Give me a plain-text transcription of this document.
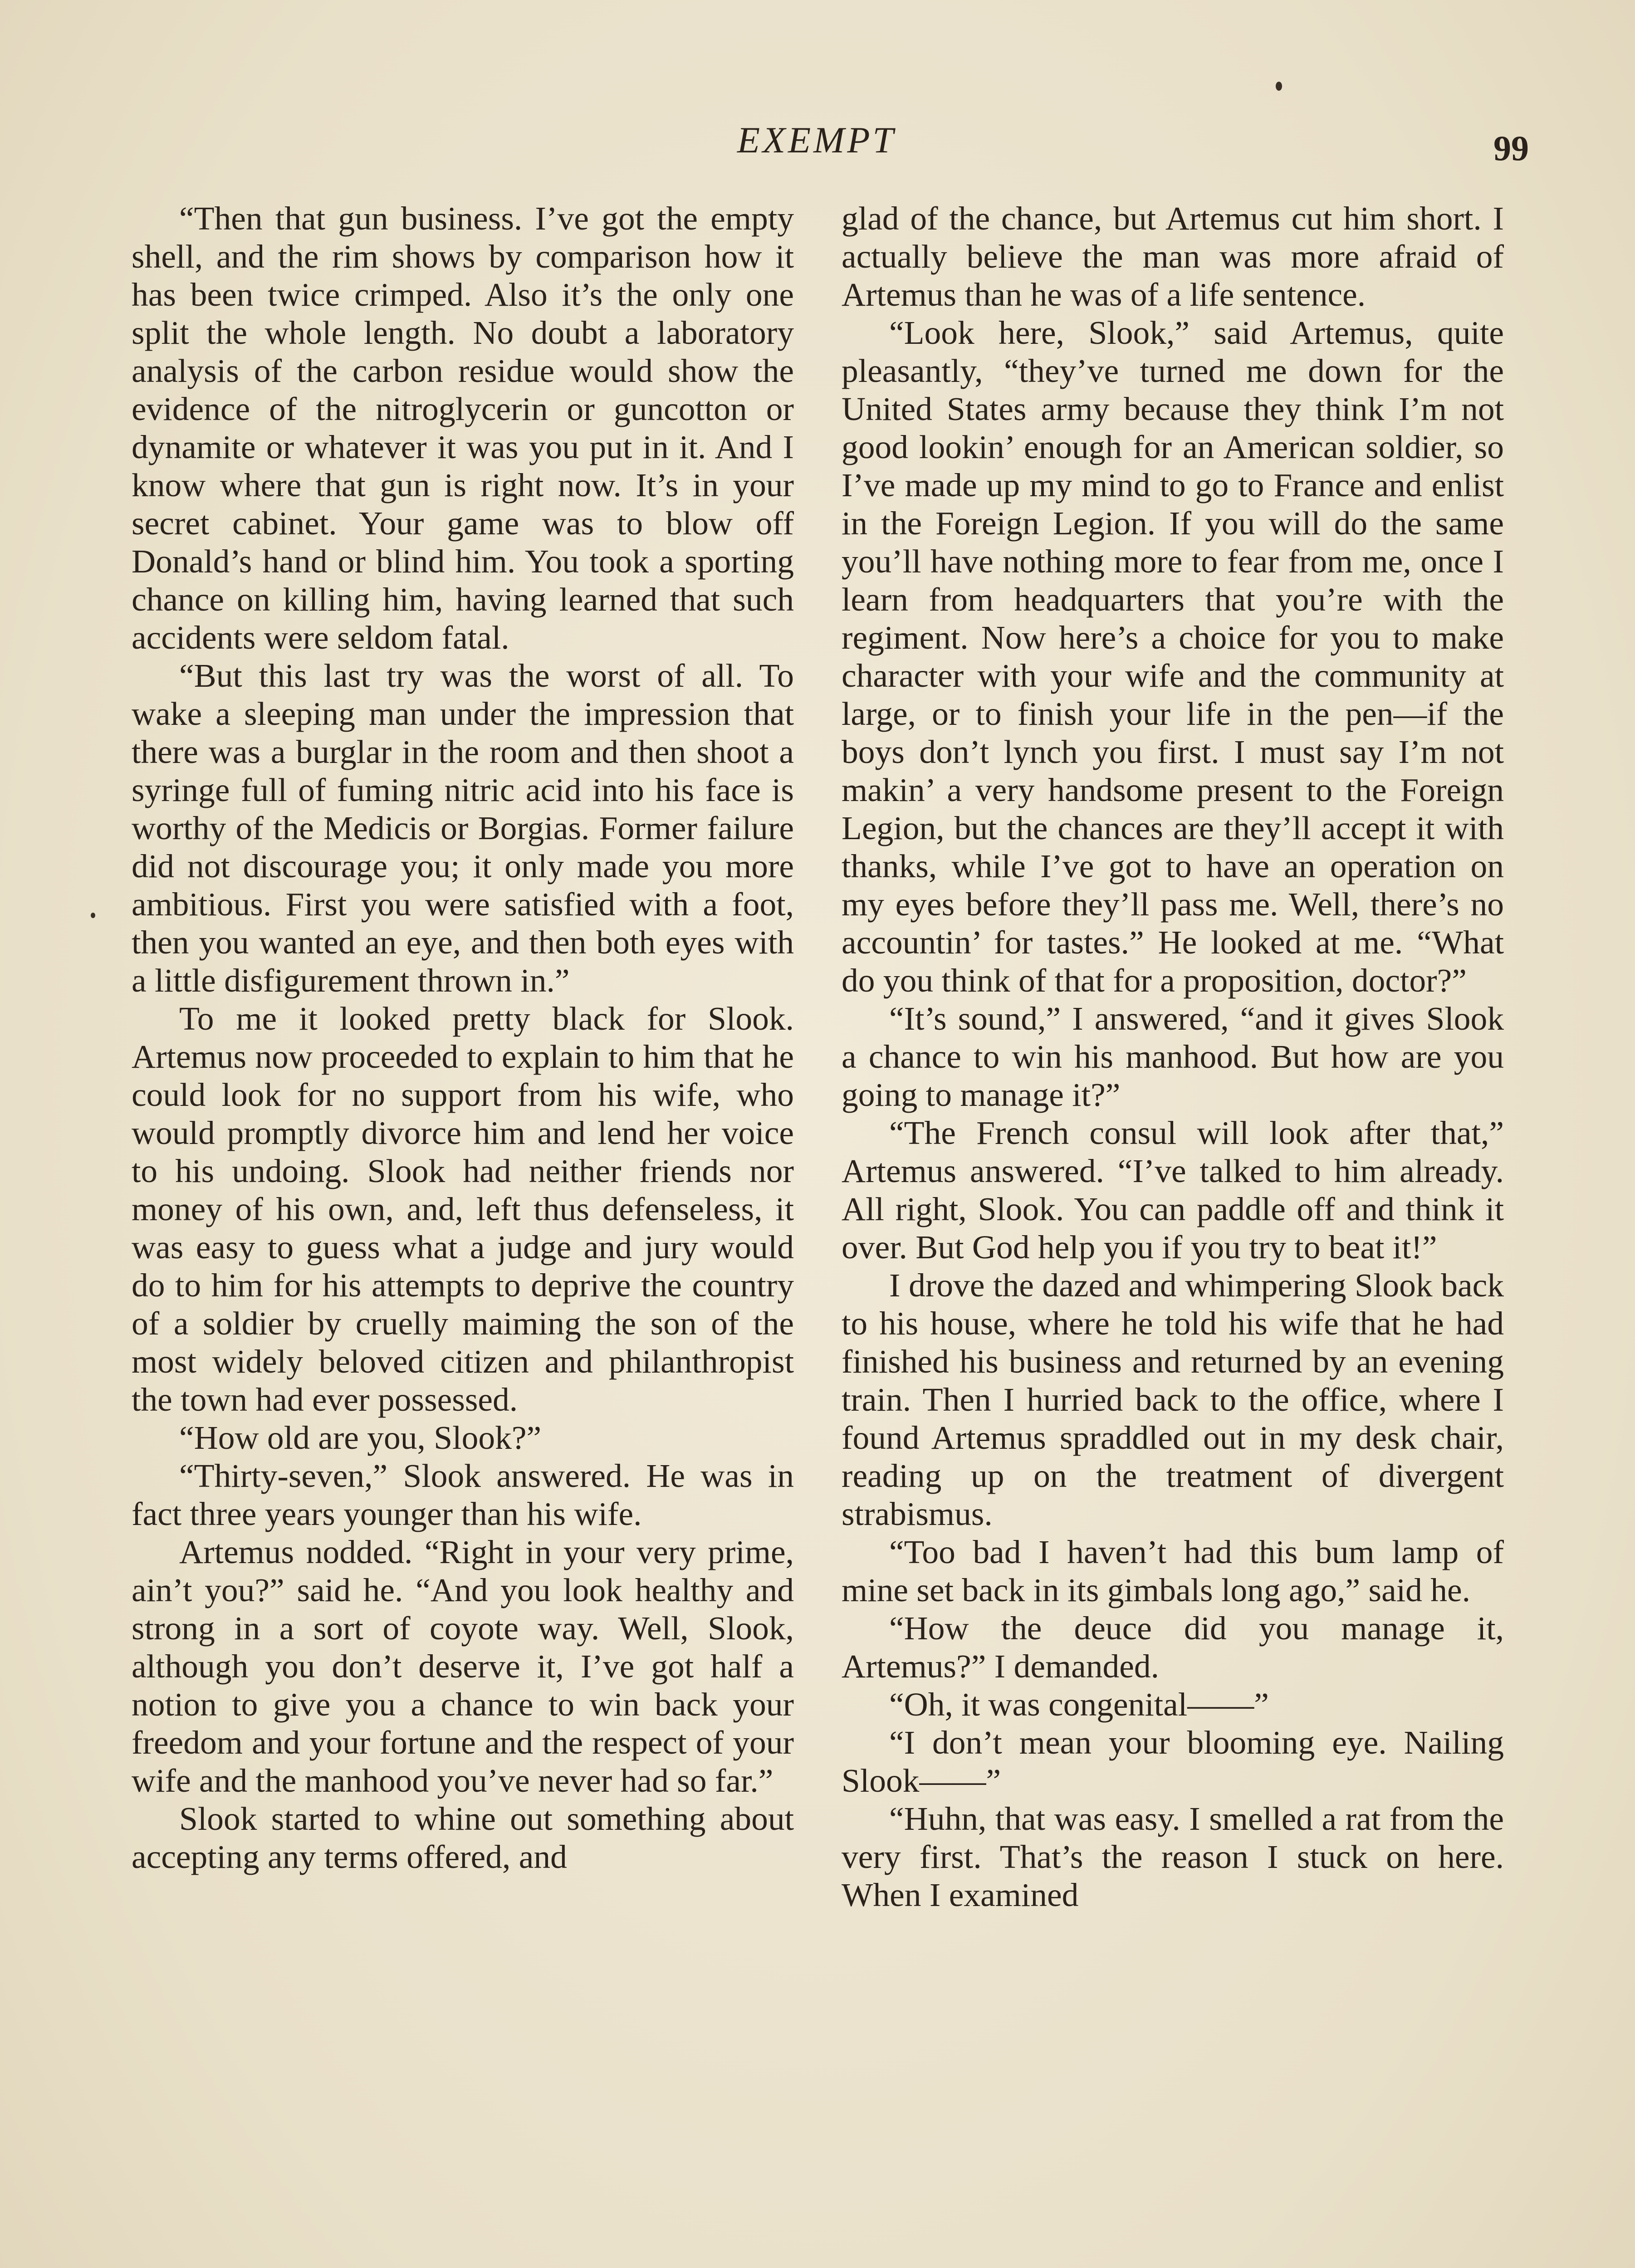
EXEMPT	99

“Then that gun business. I’ve got the empty shell, and the rim shows by comparison how it has been twice crimped. Also it’s the only one split the whole length. No doubt a laboratory analysis of the carbon residue would show the evidence of the nitroglycerin or guncotton or dynamite or whatever it was you put in it. And I know where that gun is right now. It’s in your secret cabinet. Your game was to blow off Donald’s hand or blind him. You took a sporting chance on killing him, having learned that such accidents were seldom fatal.

“But this last try was the worst of all. To wake a sleeping man under the impression that there was a burglar in the room and then shoot a syringe full of fuming nitric acid into his face is worthy of the Medicis or Borgias. Former failure did not discourage you; it only made you more ambitious. First you were satisfied with a foot, then you wanted an eye, and then both eyes with a little disfigurement thrown in.”

To me it looked pretty black for Slook. Artemus now proceeded to explain to him that he could look for no support from his wife, who would promptly divorce him and lend her voice to his undoing. Slook had neither friends nor money of his own, and, left thus defenseless, it was easy to guess what a judge and jury would do to him for his attempts to deprive the country of a soldier by cruelly maiming the son of the most widely beloved citizen and philanthropist the town had ever possessed.

“How old are you, Slook?”

“Thirty-seven,” Slook answered. He was in fact three years younger than his wife.

Artemus nodded. “Right in your very prime, ain’t you?” said he. “And you look healthy and strong in a sort of coyote way. Well, Slook, although you don’t deserve it, I’ve got half a notion to give you a chance to win back your freedom and your fortune and the respect of your wife and the manhood you’ve never had so far.”

Slook started to whine out something about accepting any terms offered, and

glad of the chance, but Artemus cut him short. I actually believe the man was more afraid of Artemus than he was of a life sentence.

“Look here, Slook,” said Artemus, quite pleasantly, “they’ve turned me down for the United States army because they think I’m not good lookin’ enough for an American soldier, so I’ve made up my mind to go to France and enlist in the Foreign Legion. If you will do the same you’ll have nothing more to fear from me, once I learn from headquarters that you’re with the regiment. Now here’s a choice for you to make character with your wife and the community at large, or to finish your life in the pen—if the boys don’t lynch you first. I must say I’m not makin’ a very handsome present to the Foreign Legion, but the chances are they’ll accept it with thanks, while I’ve got to have an operation on my eyes before they’ll pass me. Well, there’s no accountin’ for tastes.” He looked at me. “What do you think of that for a proposition, doctor?”

“It’s sound,” I answered, “and it gives Slook a chance to win his manhood. But how are you going to manage it?”

“The French consul will look after that,” Artemus answered. “I’ve talked to him already. All right, Slook. You can paddle off and think it over. But God help you if you try to beat it!”

I drove the dazed and whimpering Slook back to his house, where he told his wife that he had finished his business and returned by an evening train. Then I hurried back to the office, where I found Artemus spraddled out in my desk chair, reading up on the treatment of divergent strabismus.

“Too bad I haven’t had this bum lamp of mine set back in its gimbals long ago,” said he.

“How the deuce did you manage it, Artemus?” I demanded.

“Oh, it was congenital——”

“I don’t mean your blooming eye. Nailing Slook——”

“Huhn, that was easy. I smelled a rat from the very first. That’s the reason I stuck on here. When I examined
